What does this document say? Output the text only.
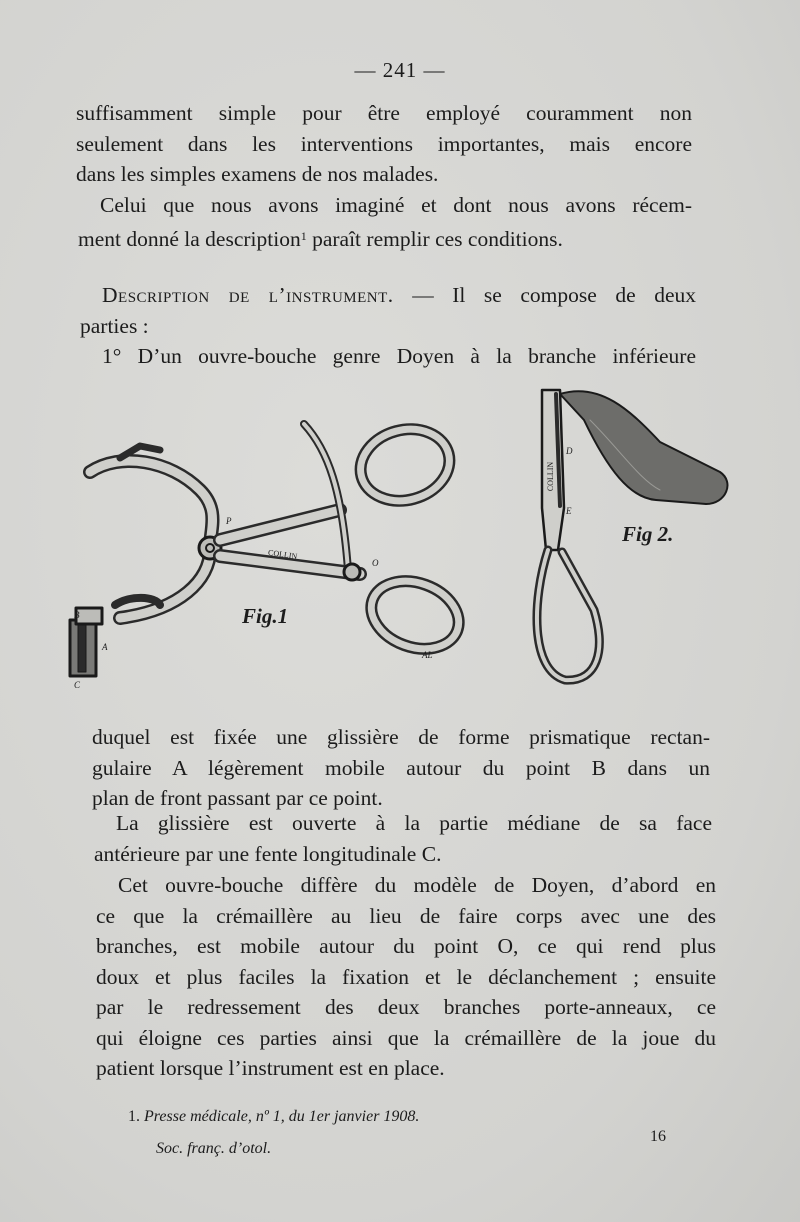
— 241 —
suffisamment simple pour être employé couramment non
seulement dans les interventions importantes, mais encore
dans les simples examens de nos malades.
Celui que nous avons imaginé et dont nous avons récem-
ment donné la description$^1$ paraît remplir ces conditions.
Description de l’instrument. — Il se compose de deux
parties :
1° D’un ouvre-bouche genre Doyen à la branche inférieure
P
O
B
A
C
COLLIN
AL
Fig.1
COLLIN
D
E
Fig 2.
duquel est fixée une glissière de forme prismatique rectan-
gulaire A légèrement mobile autour du point B dans un
plan de front passant par ce point.
La glissière est ouverte à la partie médiane de sa face
antérieure par une fente longitudinale C.
Cet ouvre-bouche diffère du modèle de Doyen, d’abord en
ce que la crémaillère au lieu de faire corps avec une des
branches, est mobile autour du point O, ce qui rend plus
doux et plus faciles la fixation et le déclanchement ; ensuite
par le redressement des deux branches porte-anneaux, ce
qui éloigne ces parties ainsi que la crémaillère de la joue du
patient lorsque l’instrument est en place.
1. Presse médicale, nº 1, du 1er janvier 1908.
Soc. franç. d’otol.
16
